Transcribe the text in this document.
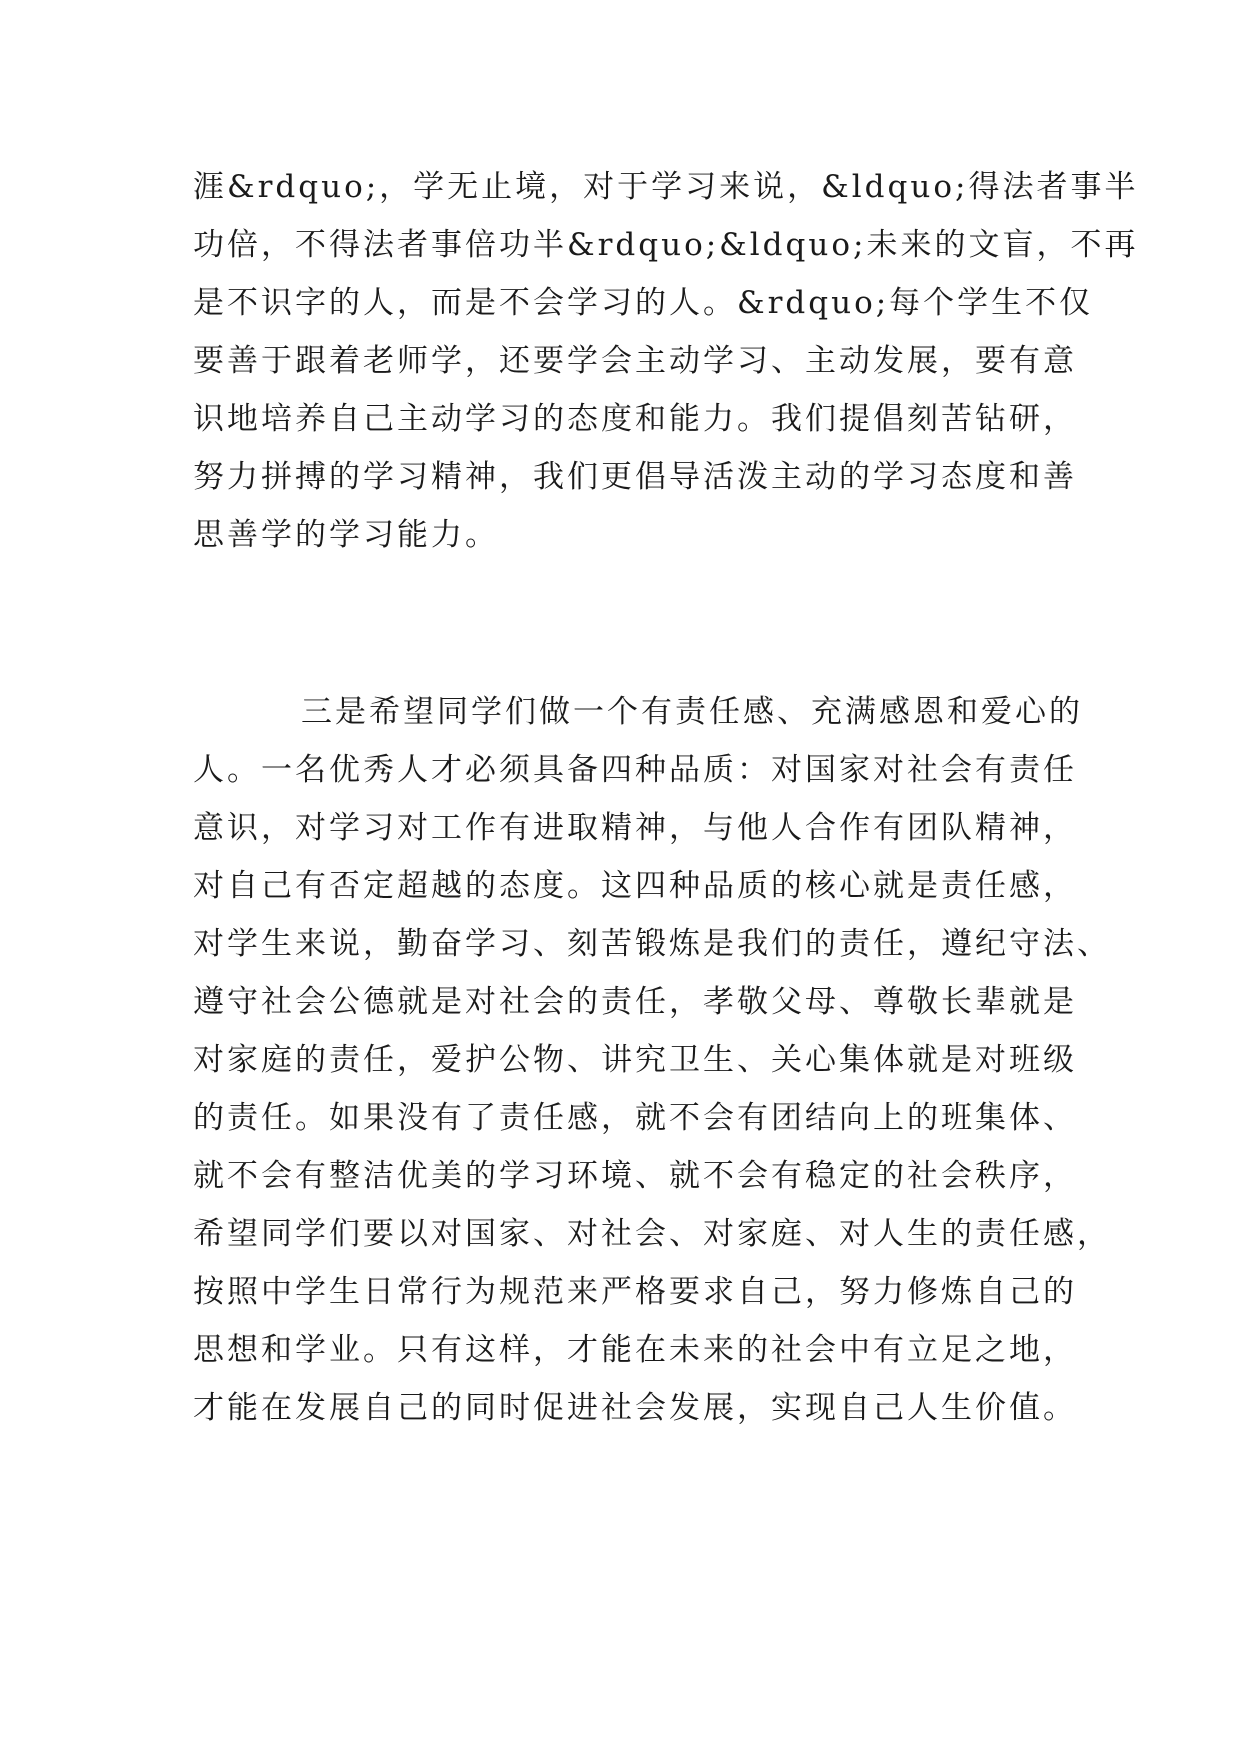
涯&rdquo;，学无止境，对于学习来说，&ldquo;得法者事半
功倍，不得法者事倍功半&rdquo;&ldquo;未来的文盲，不再
是不识字的人，而是不会学习的人。&rdquo;每个学生不仅
要善于跟着老师学，还要学会主动学习、主动发展，要有意
识地培养自己主动学习的态度和能力。我们提倡刻苦钻研，
努力拼搏的学习精神，我们更倡导活泼主动的学习态度和善
思善学的学习能力。
三是希望同学们做一个有责任感、充满感恩和爱心的
人。一名优秀人才必须具备四种品质：对国家对社会有责任
意识，对学习对工作有进取精神，与他人合作有团队精神，
对自己有否定超越的态度。这四种品质的核心就是责任感，
对学生来说，勤奋学习、刻苦锻炼是我们的责任，遵纪守法、
遵守社会公德就是对社会的责任，孝敬父母、尊敬长辈就是
对家庭的责任，爱护公物、讲究卫生、关心集体就是对班级
的责任。如果没有了责任感，就不会有团结向上的班集体、
就不会有整洁优美的学习环境、就不会有稳定的社会秩序，
希望同学们要以对国家、对社会、对家庭、对人生的责任感，
按照中学生日常行为规范来严格要求自己，努力修炼自己的
思想和学业。只有这样，才能在未来的社会中有立足之地，
才能在发展自己的同时促进社会发展，实现自己人生价值。
